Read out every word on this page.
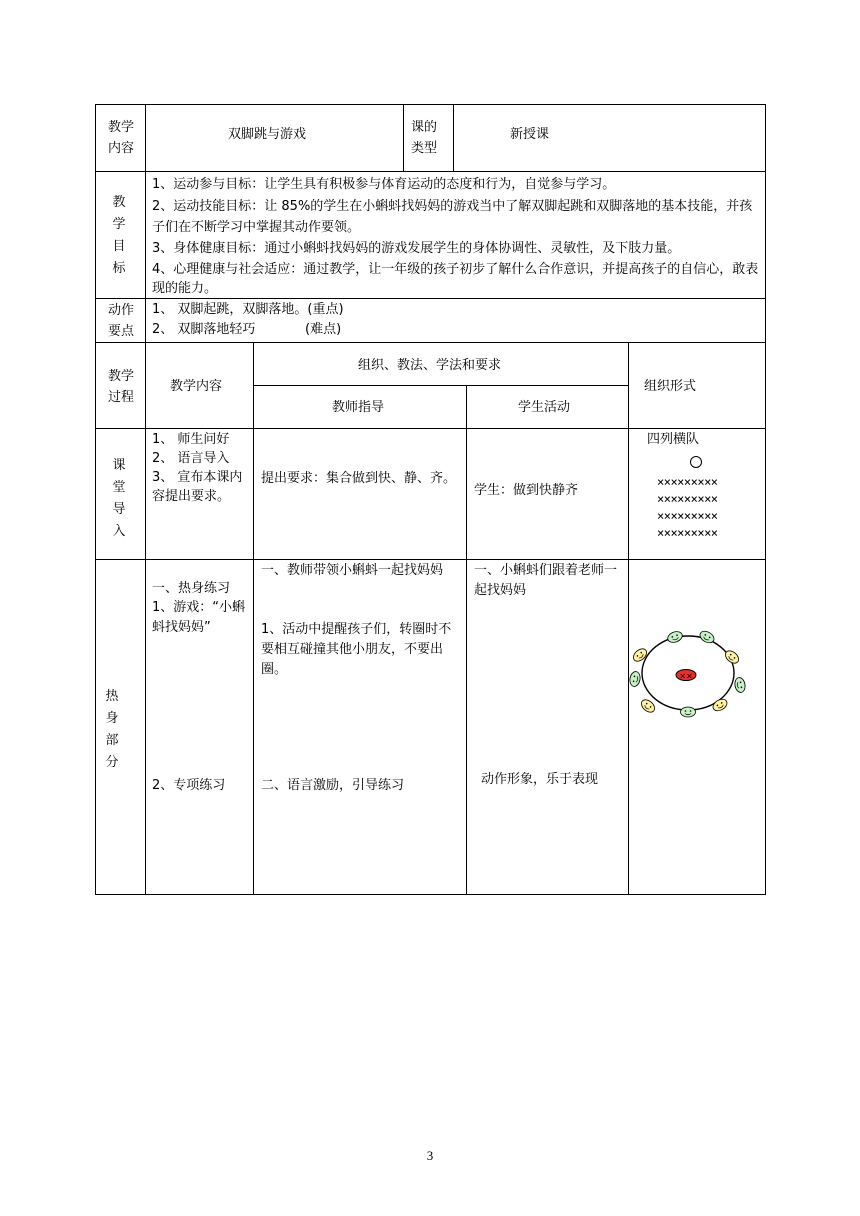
教学内容
双脚跳与游戏	课的类型
新授课
教学目标
1、运动参与目标：让学生具有积极参与体育运动的态度和行为，自觉参与学习。
2、运动技能目标：让 85%的学生在小蝌蚪找妈妈的游戏当中了解双脚起跳和双脚落地的基本技能，并孩子们在不断学习中掌握其动作要领。
3、身体健康目标：通过小蝌蚪找妈妈的游戏发展学生的身体协调性、灵敏性，及下肢力量。
4、心理健康与社会适应：通过教学，让一年级的孩子初步了解什么合作意识，并提高孩子的自信心，敢表现的能力。
动作要点
1、 双脚起跳，双脚落地。(重点)
2、 双脚落地轻巧            (难点)
教学过程
教学内容
组织、教法、学法和要求
教师指导	学生活动
组织形式
课堂导入
1、 师生问好
2、 语言导入
3、 宣布本课内容提出要求。
提出要求：集合做到快、静、齐。
学生：做到快静齐
四列横队
×××××××××
×××××××××
×××××××××
×××××××××
热身部分
一、热身练习
1、游戏：“小蝌蚪找妈妈”
2、专项练习
一、教师带领小蝌蚪一起找妈妈
1、活动中提醒孩子们，转圈时不要相互碰撞其他小朋友，不要出圈。
二、语言激励，引导练习
一、小蝌蚪们跟着老师一起找妈妈
动作形象，乐于表现
××
3
